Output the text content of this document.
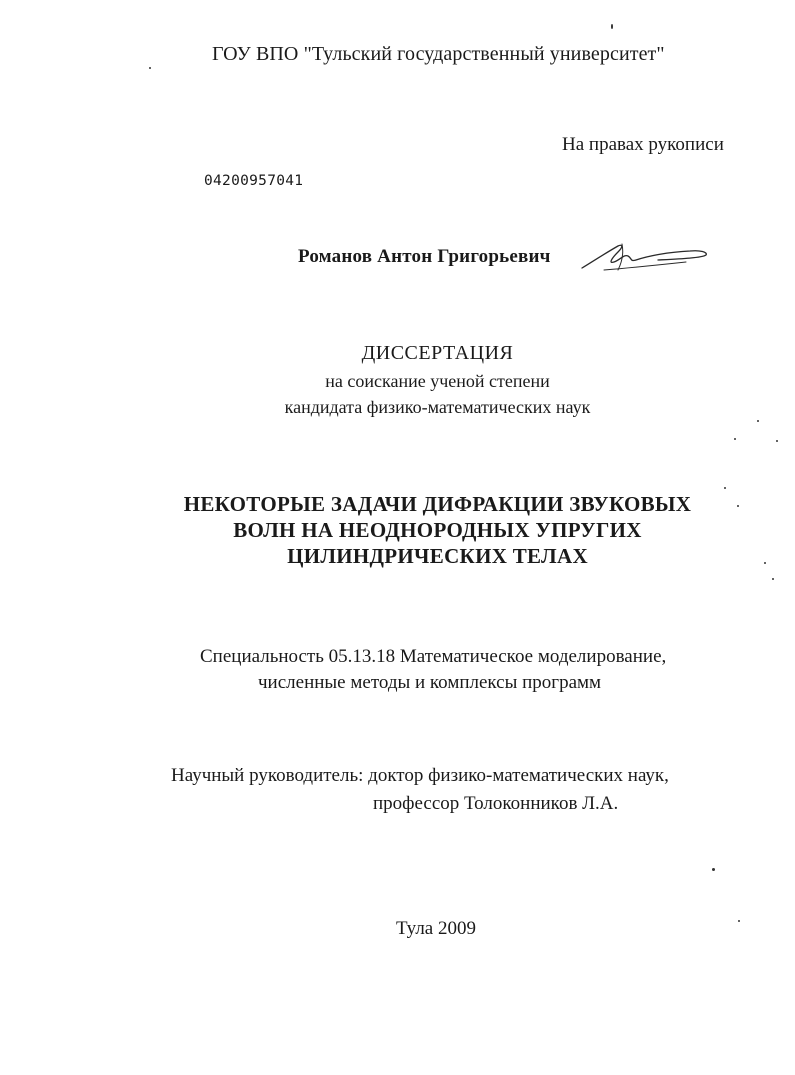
ГОУ ВПО "Тульский государственный университет"
На правах рукописи
04200957041
Романов Антон Григорьевич
ДИССЕРТАЦИЯ
на соискание ученой степени
кандидата физико-математических наук
НЕКОТОРЫЕ ЗАДАЧИ ДИФРАКЦИИ ЗВУКОВЫХ
ВОЛН НА НЕОДНОРОДНЫХ УПРУГИХ
ЦИЛИНДРИЧЕСКИХ ТЕЛАХ
Специальность 05.13.18 Математическое моделирование,
численные методы и комплексы программ
Научный руководитель: доктор физико-математических наук,
профессор Толоконников Л.А.
Тула 2009
